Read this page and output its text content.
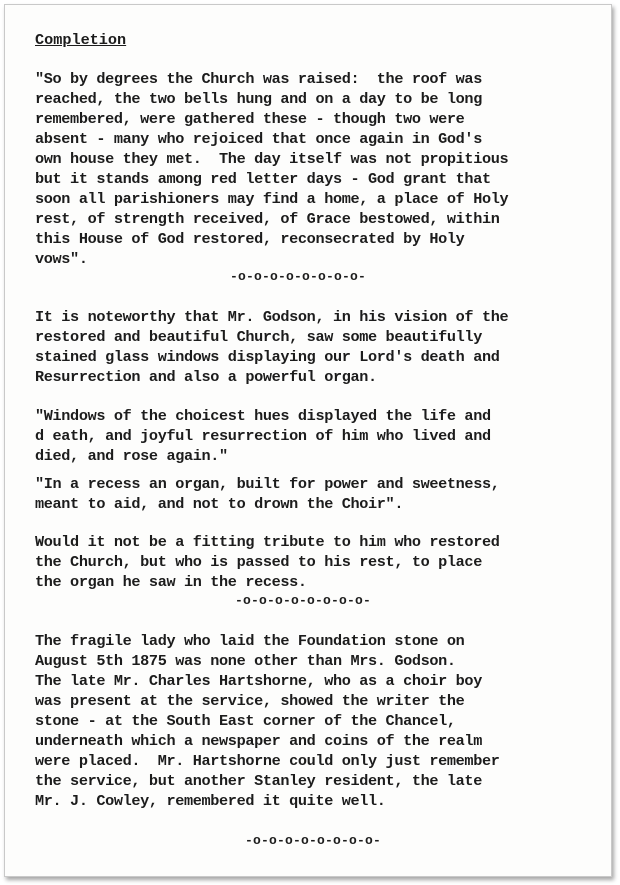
Completion

"So by degrees the Church was raised:  the roof was
reached, the two bells hung and on a day to be long
remembered, were gathered these - though two were
absent - many who rejoiced that once again in God's
own house they met.  The day itself was not propitious
but it stands among red letter days - God grant that
soon all parishioners may find a home, a place of Holy
rest, of strength received, of Grace bestowed, within
this House of God restored, reconsecrated by Holy
vows".

-o-o-o-o-o-o-o-o-

It is noteworthy that Mr. Godson, in his vision of the
restored and beautiful Church, saw some beautifully
stained glass windows displaying our Lord's death and
Resurrection and also a powerful organ.

"Windows of the choicest hues displayed the life and
d eath, and joyful resurrection of him who lived and
died, and rose again."

"In a recess an organ, built for power and sweetness,
meant to aid, and not to drown the Choir".

Would it not be a fitting tribute to him who restored
the Church, but who is passed to his rest, to place
the organ he saw in the recess.

-o-o-o-o-o-o-o-o-

The fragile lady who laid the Foundation stone on
August 5th 1875 was none other than Mrs. Godson.
The late Mr. Charles Hartshorne, who as a choir boy
was present at the service, showed the writer the
stone - at the South East corner of the Chancel,
underneath which a newspaper and coins of the realm
were placed.  Mr. Hartshorne could only just remember
the service, but another Stanley resident, the late
Mr. J. Cowley, remembered it quite well.

-o-o-o-o-o-o-o-o-
